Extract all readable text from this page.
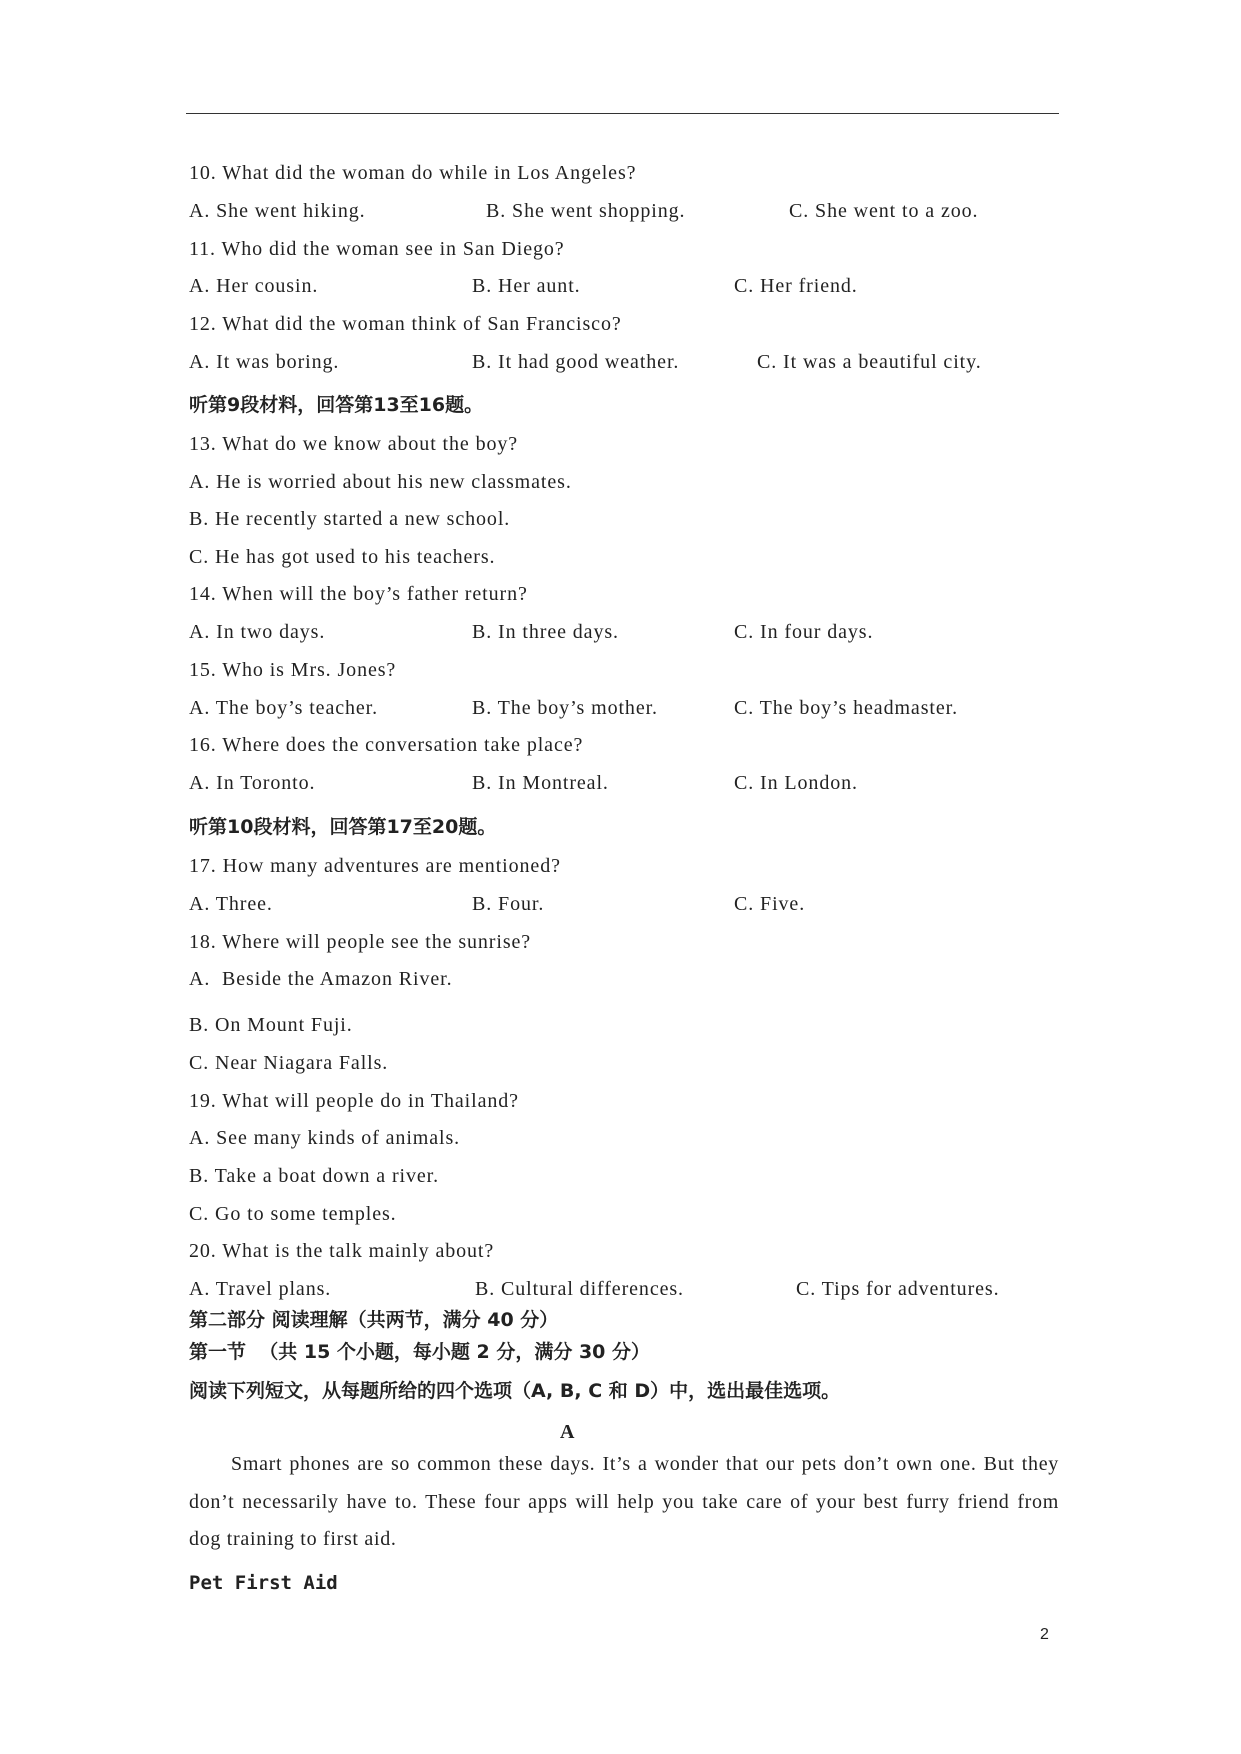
10. What did the woman do while in Los Angeles?
A. She went hiking.	B. She went shopping.	C. She went to a zoo.
11. Who did the woman see in San Diego?
A. Her cousin.	B. Her aunt.	C. Her friend.
12. What did the woman think of San Francisco?
A. It was boring.	B. It had good weather.	C. It was a beautiful city.
听第9段材料，回答第13至16题。
13. What do we know about the boy?
A. He is worried about his new classmates.
B. He recently started a new school.
C. He has got used to his teachers.
14. When will the boy’s father return?
A. In two days.	B. In three days.	C. In four days.
15. Who is Mrs. Jones?
A. The boy’s teacher.	B. The boy’s mother.	C. The boy’s headmaster.
16. Where does the conversation take place?
A. In Toronto.	B. In Montreal.	C. In London.
听第10段材料，回答第17至20题。
17. How many adventures are mentioned?
A. Three.	B. Four.	C. Five.
18. Where will people see the sunrise?
A.  Beside the Amazon River.
B. On Mount Fuji.
C. Near Niagara Falls.
19. What will people do in Thailand?
A. See many kinds of animals.
B. Take a boat down a river.
C. Go to some temples.
20. What is the talk mainly about?
A. Travel plans.	B. Cultural differences.	C. Tips for adventures.
第二部分 阅读理解（共两节，满分 40 分）
第一节  （共 15 个小题，每小题 2 分，满分 30 分）
阅读下列短文，从每题所给的四个选项（A, B, C 和 D）中，选出最佳选项。
A
Smart phones are so common these days. It’s a wonder that our pets don’t own one. But they don’t necessarily have to. These four apps will help you take care of your best furry friend from dog training to first aid.
Pet First Aid
2
